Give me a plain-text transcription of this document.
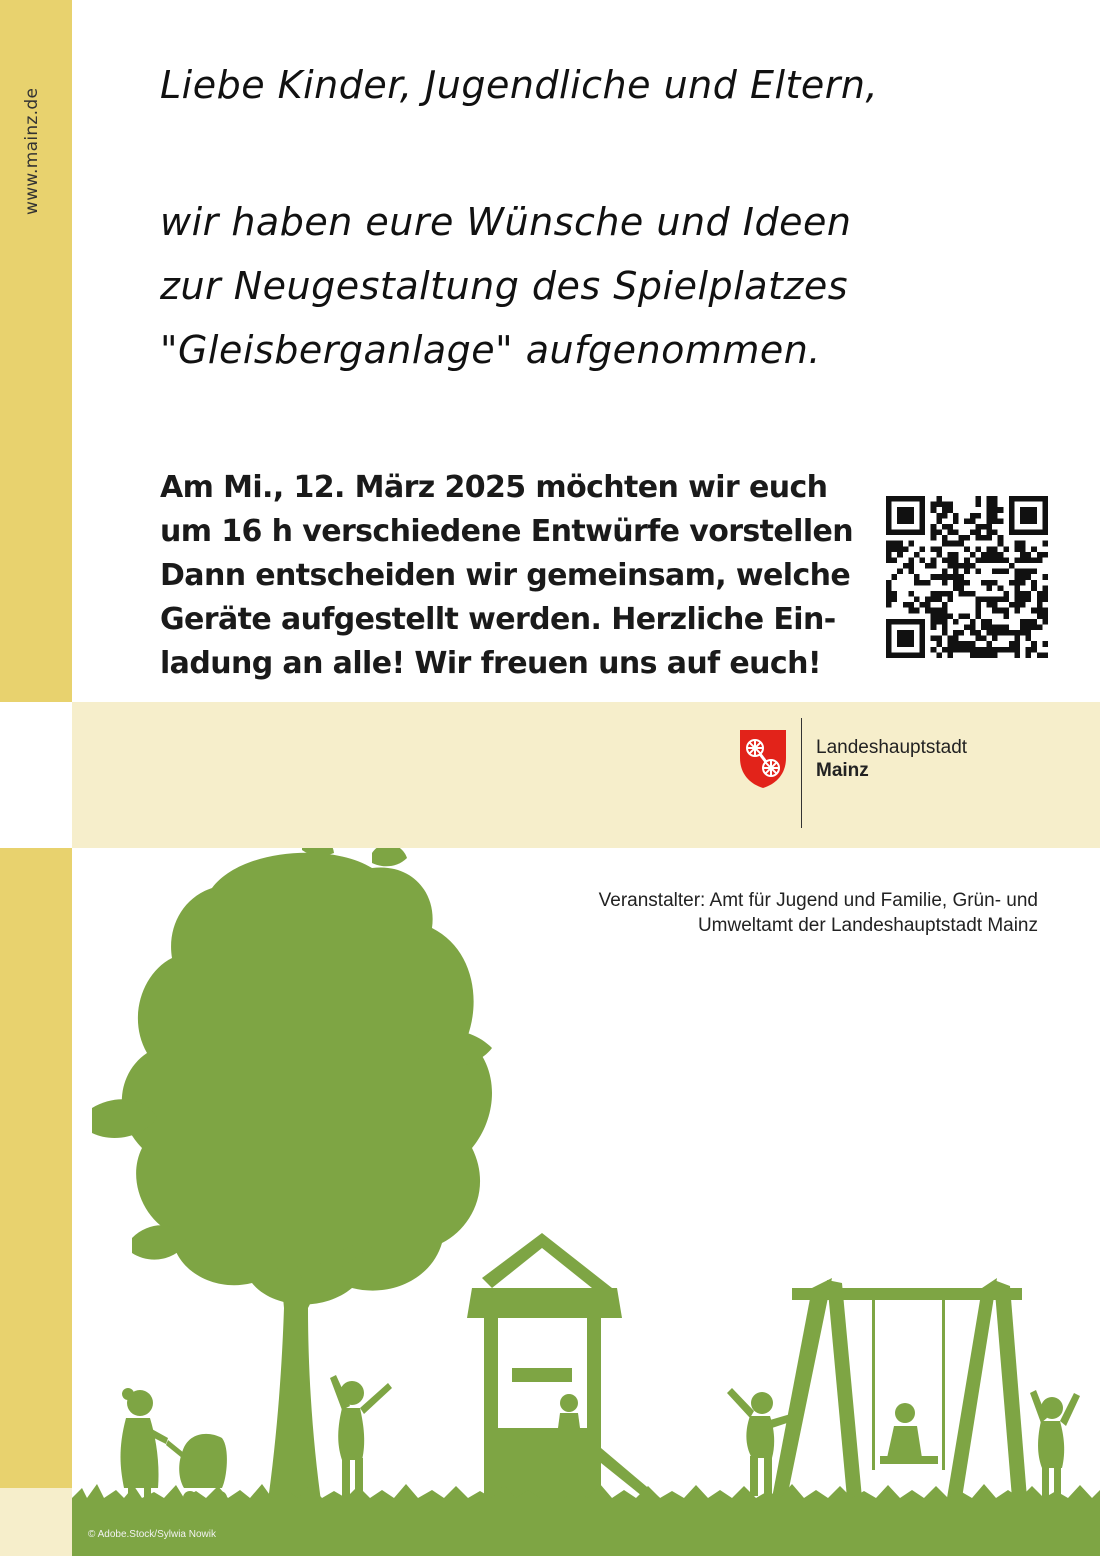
www.mainz.de
Liebe Kinder, Jugendliche und Eltern,
wir haben eure Wünsche und Ideen
zur Neugestaltung des Spielplatzes
"Gleisberganlage" aufgenommen.

Am Mi., 12. März 2025 möchten wir euch
um 16 h verschiedene Entwürfe vorstellen
Dann entscheiden wir gemeinsam, welche
Geräte aufgestellt werden. Herzliche Ein-
ladung an alle! Wir freuen uns auf euch!

Landeshauptstadt
Mainz
Veranstalter: Amt für Jugend und Familie, Grün- und
Umweltamt der Landeshauptstadt Mainz
© Adobe.Stock/Sylwia Nowik
